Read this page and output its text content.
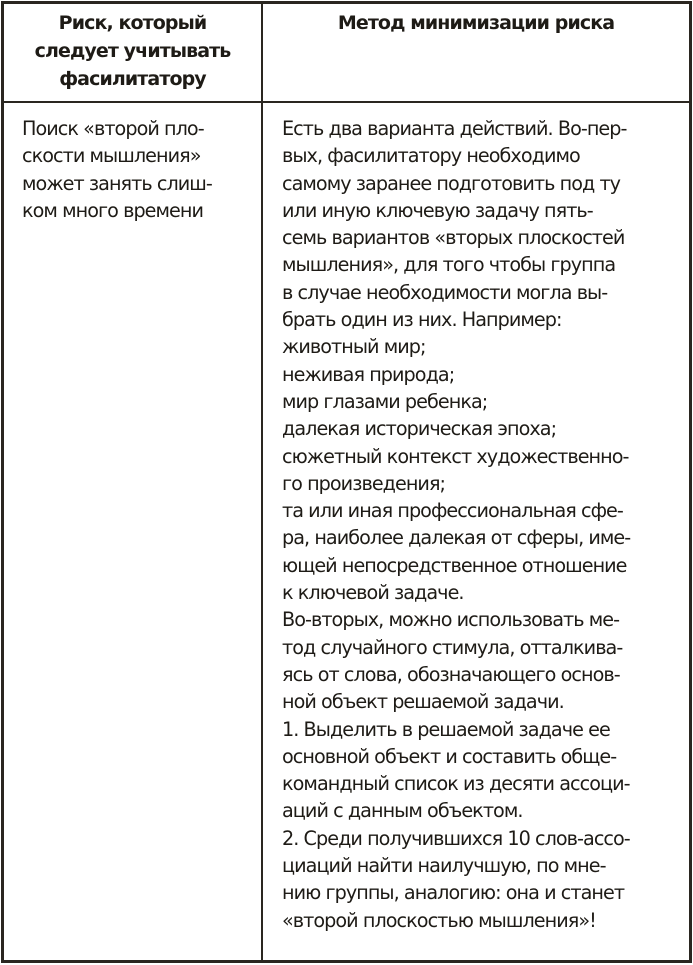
Риск, который
следует учитывать
фасилитатору
Метод минимизации риска
Поиск «второй пло-
скости мышления»
может занять слиш-
ком много времени
Есть два варианта действий. Во-пер-
вых, фасилитатору необходимо
самому заранее подготовить под ту
или иную ключевую задачу пять-
семь вариантов «вторых плоскостей
мышления», для того чтобы группа
в случае необходимости могла вы-
брать один из них. Например:
животный мир;
неживая природа;
мир глазами ребенка;
далекая историческая эпоха;
сюжетный контекст художественно-
го произведения;
та или иная профессиональная сфе-
ра, наиболее далекая от сферы, име-
ющей непосредственное отношение
к ключевой задаче.
Во-вторых, можно использовать ме-
тод случайного стимула, отталкива-
ясь от слова, обозначающего основ-
ной объект решаемой задачи.
1. Выделить в решаемой задаче ее
основной объект и составить обще-
командный список из десяти ассоци-
аций с данным объектом.
2. Среди получившихся 10 слов-ассо-
циаций найти наилучшую, по мне-
нию группы, аналогию: она и станет
«второй плоскостью мышления»!
